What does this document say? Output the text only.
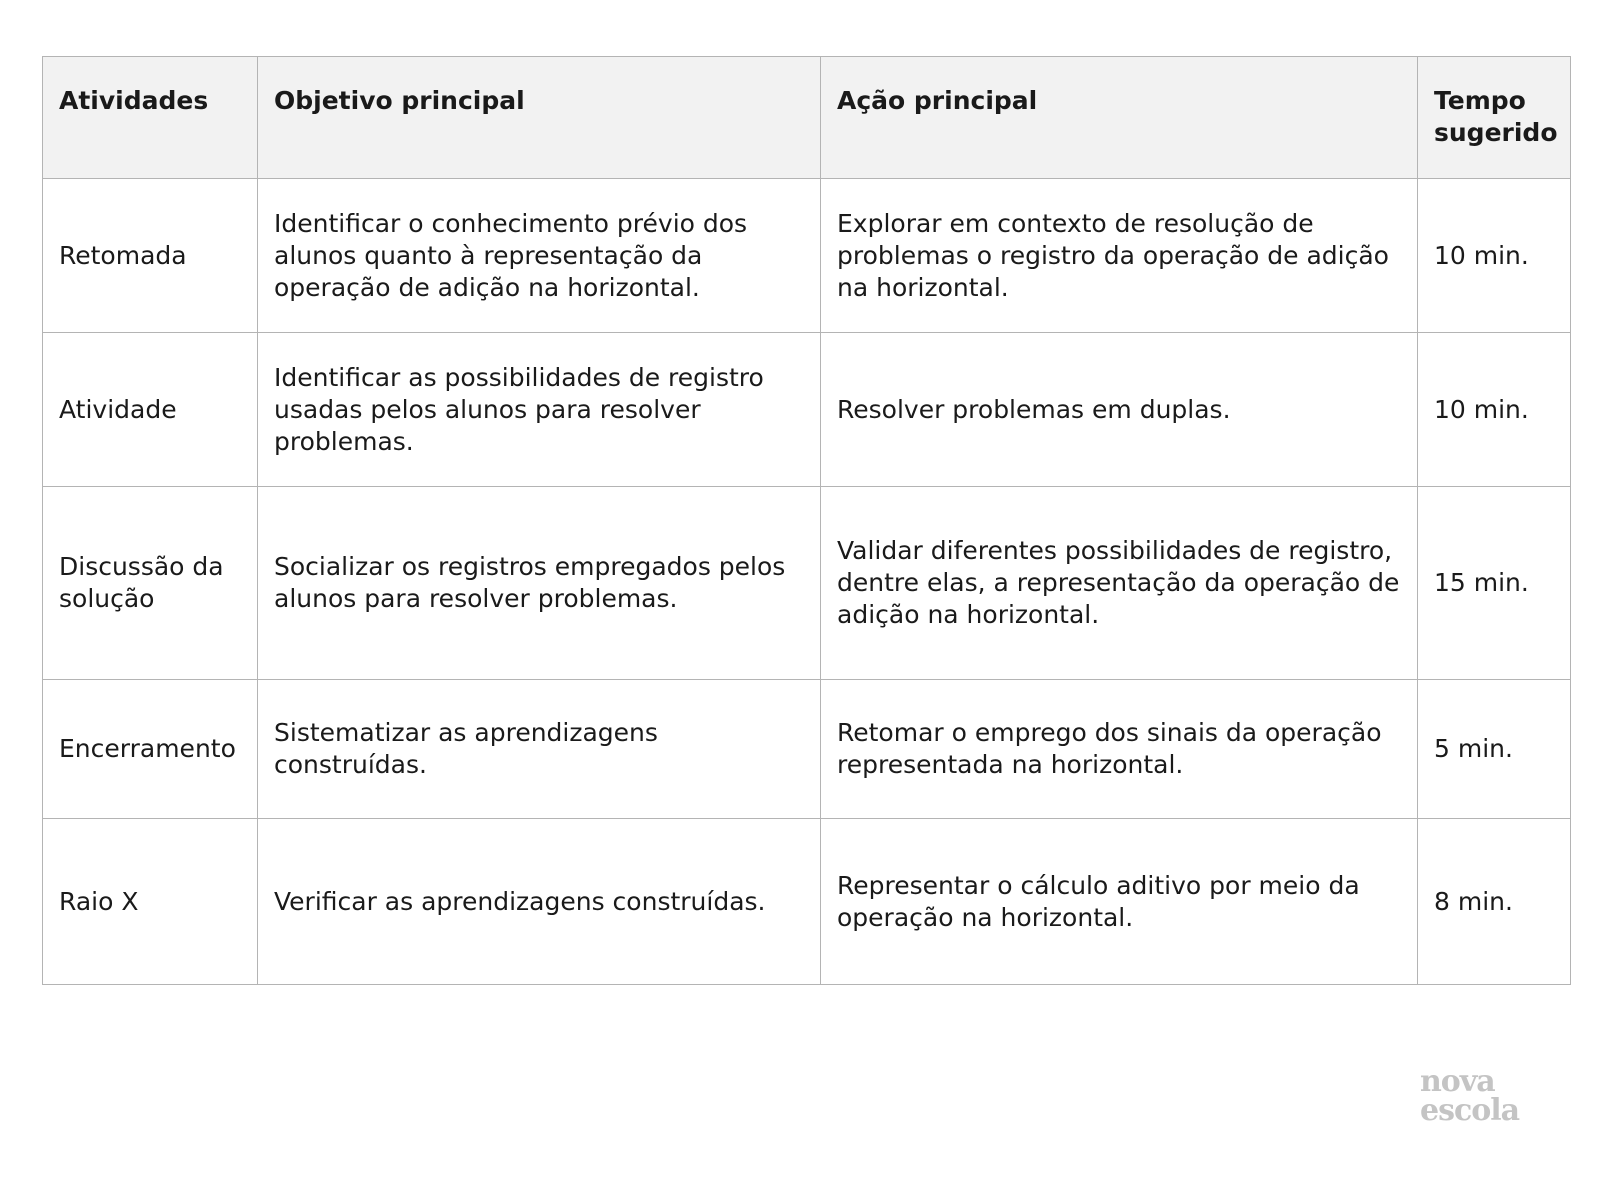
Atividades	Objetivo principal	Ação principal	Tempo sugerido
Retomada	Identificar o conhecimento prévio dos alunos quanto à representação da operação de adição na horizontal.	Explorar em contexto de resolução de problemas o registro da operação de adição na horizontal.	10 min.
Atividade	Identificar as possibilidades de registro usadas pelos alunos para resolver problemas.	Resolver problemas em duplas.	10 min.
Discussão da solução	Socializar os registros empregados pelos alunos para resolver problemas.	Validar diferentes possibilidades de registro, dentre elas, a representação da operação de adição na horizontal.	15 min.
Encerramento	Sistematizar as aprendizagens construídas.	Retomar o emprego dos sinais da operação representada na horizontal.	5 min.
Raio X	Verificar as aprendizagens construídas.	Representar o cálculo aditivo por meio da operação na horizontal.	8 min.
nova
escola
